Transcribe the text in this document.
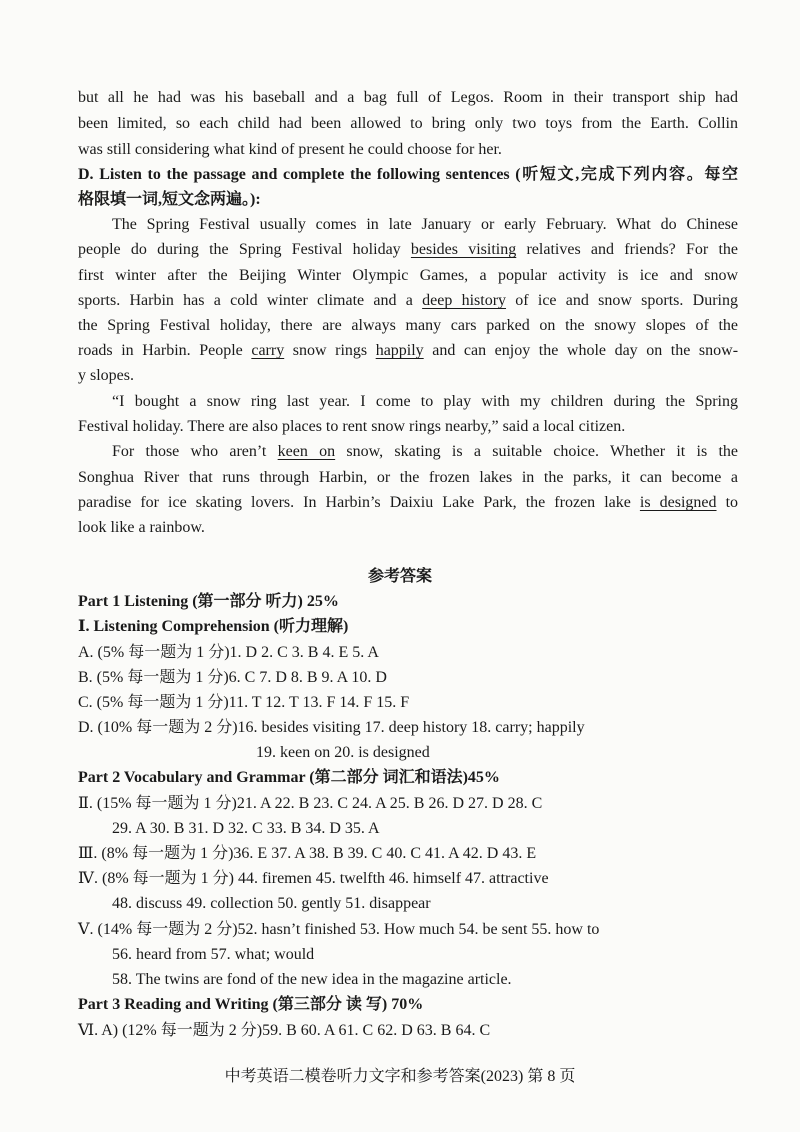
but all he had was his baseball and a bag full of Legos. Room in their transport ship had
been limited, so each child had been allowed to bring only two toys from the Earth. Collin
was still considering what kind of present he could choose for her.
D. Listen to the passage and complete the following sentences (听短文,完成下列内容。每空
格限填一词,短文念两遍。):
The Spring Festival usually comes in late January or early February. What do Chinese
people do during the Spring Festival holiday besides visiting relatives and friends? For the
first winter after the Beijing Winter Olympic Games, a popular activity is ice and snow
sports. Harbin has a cold winter climate and a deep history of ice and snow sports. During
the Spring Festival holiday, there are always many cars parked on the snowy slopes of the
roads in Harbin. People carry snow rings happily and can enjoy the whole day on the snow-
y slopes.
“I bought a snow ring last year. I come to play with my children during the Spring
Festival holiday. There are also places to rent snow rings nearby,” said a local citizen.
For those who aren’t keen on snow, skating is a suitable choice. Whether it is the
Songhua River that runs through Harbin, or the frozen lakes in the parks, it can become a
paradise for ice skating lovers. In Harbin’s Daixiu Lake Park, the frozen lake is designed to
look like a rainbow.
参考答案
Part 1 Listening (第一部分 听力) 25%
Ⅰ. Listening Comprehension (听力理解)
A. (5% 每一题为 1 分)1. D 2. C 3. B 4. E 5. A
B. (5% 每一题为 1 分)6. C 7. D 8. B 9. A 10. D
C. (5% 每一题为 1 分)11. T 12. T 13. F 14. F 15. F
D. (10% 每一题为 2 分)16. besides visiting 17. deep history 18. carry; happily
19. keen on 20. is designed
Part 2 Vocabulary and Grammar (第二部分 词汇和语法)45%
Ⅱ. (15% 每一题为 1 分)21. A 22. B 23. C 24. A 25. B 26. D 27. D 28. C
29. A 30. B 31. D 32. C 33. B 34. D 35. A
Ⅲ. (8% 每一题为 1 分)36. E 37. A 38. B 39. C 40. C 41. A 42. D 43. E
Ⅳ. (8% 每一题为 1 分) 44. firemen 45. twelfth 46. himself 47. attractive
48. discuss 49. collection 50. gently 51. disappear
Ⅴ. (14% 每一题为 2 分)52. hasn’t finished 53. How much 54. be sent 55. how to
56. heard from 57. what; would
58. The twins are fond of the new idea in the magazine article.
Part 3 Reading and Writing (第三部分 读 写) 70%
Ⅵ. A) (12% 每一题为 2 分)59. B 60. A 61. C 62. D 63. B 64. C
中考英语二模卷听力文字和参考答案(2023) 第 8 页
